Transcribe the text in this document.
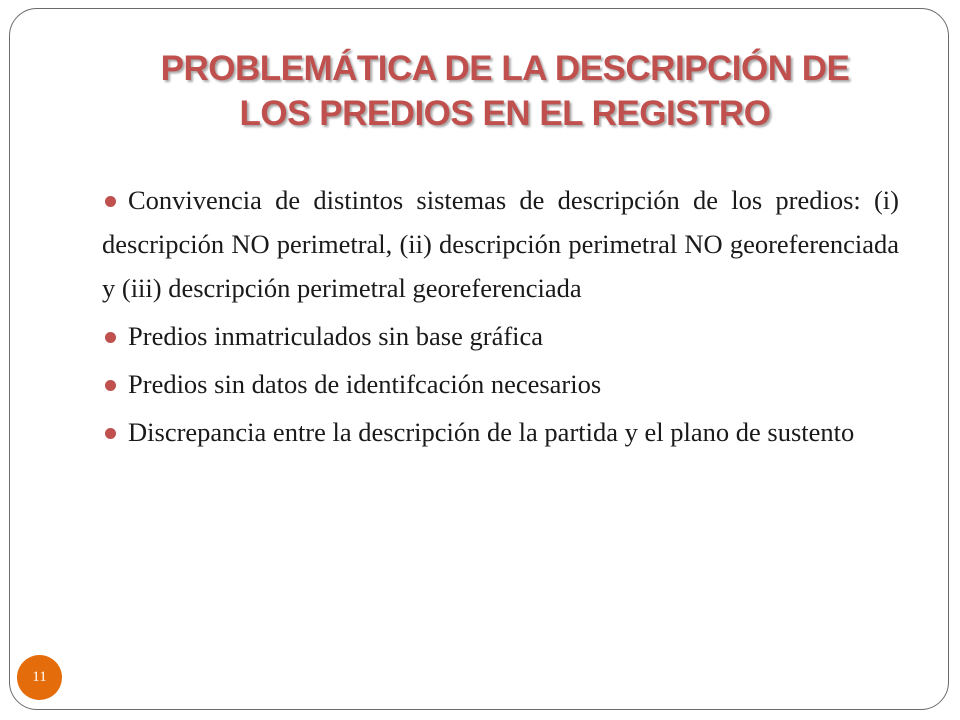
PROBLEMÁTICA DE LA DESCRIPCIÓN DE
LOS PREDIOS EN EL REGISTRO

Convivencia de distintos sistemas de descripción de los predios: (i) descripción NO perimetral, (ii) descripción perimetral NO georeferenciada y (iii) descripción perimetral georeferenciada

Predios inmatriculados sin base gráfica

Predios sin datos de identifcación necesarios

Discrepancia entre la descripción de la partida y el plano de sustento

11
